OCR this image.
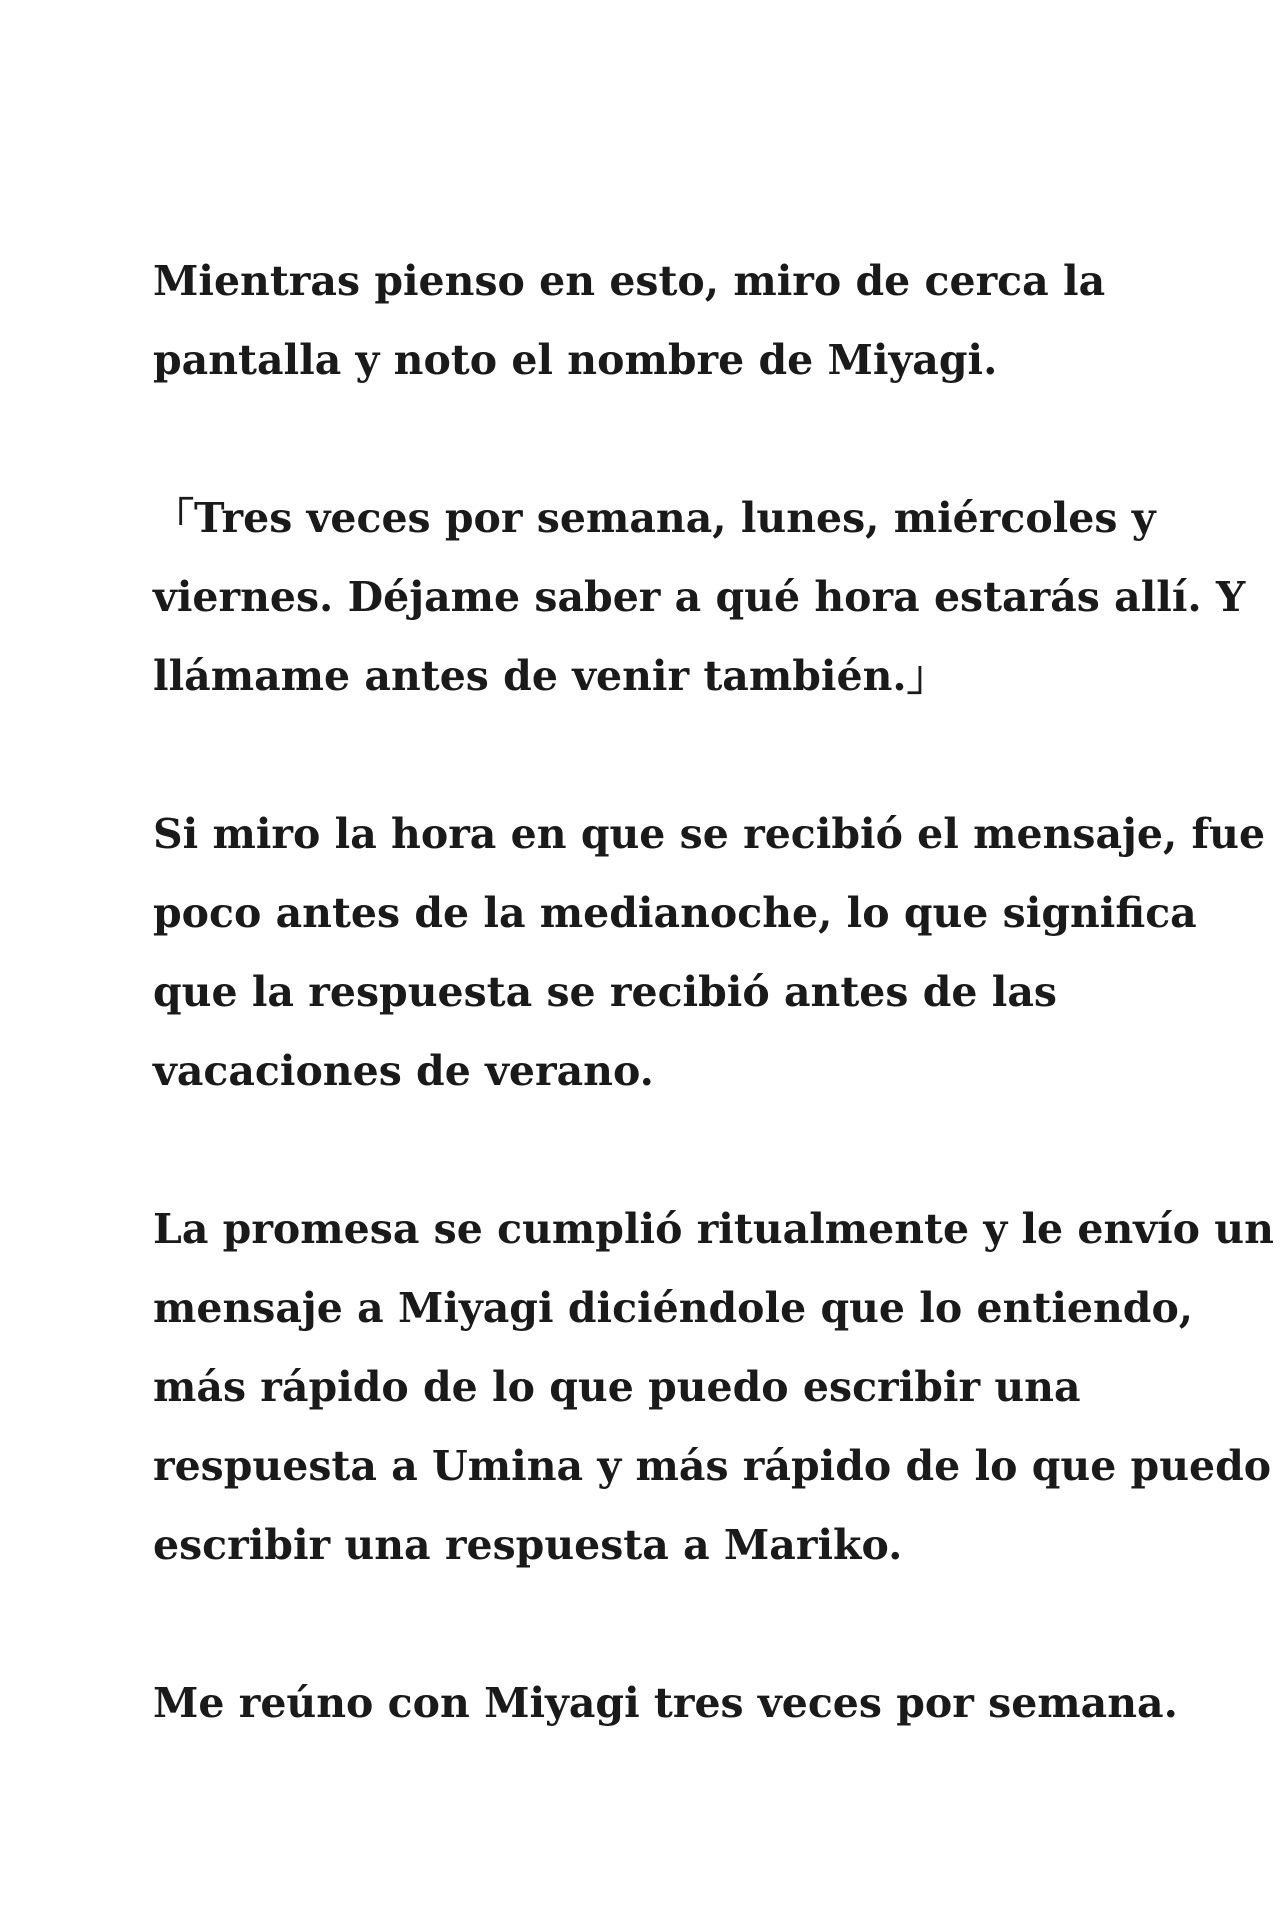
Mientras pienso en esto, miro de cerca la
pantalla y noto el nombre de Miyagi.

「Tres veces por semana, lunes, miércoles y
viernes. Déjame saber a qué hora estarás allí. Y
llámame antes de venir también.」

Si miro la hora en que se recibió el mensaje, fue
poco antes de la medianoche, lo que significa
que la respuesta se recibió antes de las
vacaciones de verano.

La promesa se cumplió ritualmente y le envío un
mensaje a Miyagi diciéndole que lo entiendo,
más rápido de lo que puedo escribir una
respuesta a Umina y más rápido de lo que puedo
escribir una respuesta a Mariko.

Me reúno con Miyagi tres veces por semana.
